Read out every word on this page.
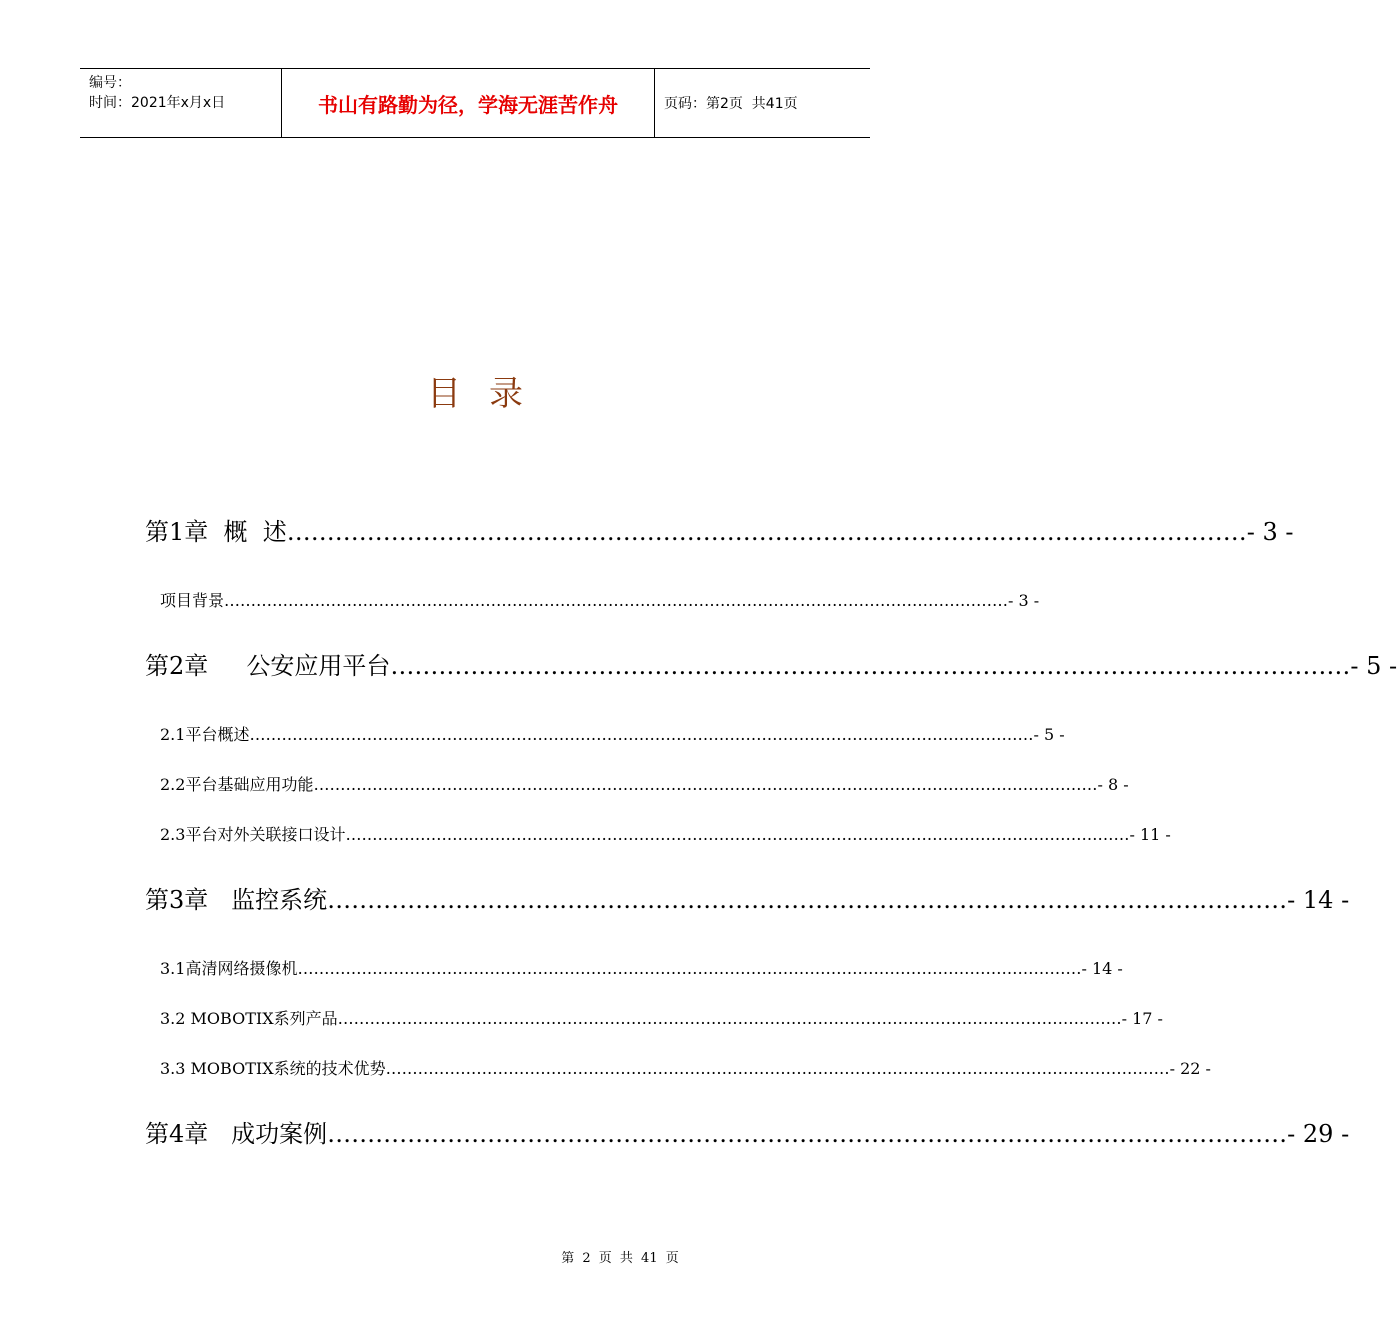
编号：
时间：2021年x月x日	书山有路勤为径，学海无涯苦作舟	页码：第2页  共41页
目录
第1章  概  述 ………………………………………………………………………………………………………… - 3 -
项目背景 ………………………………………………………………………………………………………………………………… - 3 -
第2章     公安应用平台 ………………………………………………………………………………………………………… - 5 -
2.1平台概述 ………………………………………………………………………………………………………………………………… - 5 -
2.2平台基础应用功能 ………………………………………………………………………………………………………………………………… - 8 -
2.3平台对外关联接口设计 ………………………………………………………………………………………………………………………………… - 11 -
第3章   监控系统 ………………………………………………………………………………………………………… - 14 -
3.1高清网络摄像机 ………………………………………………………………………………………………………………………………… - 14 -
3.2 MOBOTIX系列产品 ………………………………………………………………………………………………………………………………… - 17 -
3.3 MOBOTIX系统的技术优势 ………………………………………………………………………………………………………………………………… - 22 -
第4章   成功案例 ………………………………………………………………………………………………………… - 29 -
第 2 页 共 41 页
